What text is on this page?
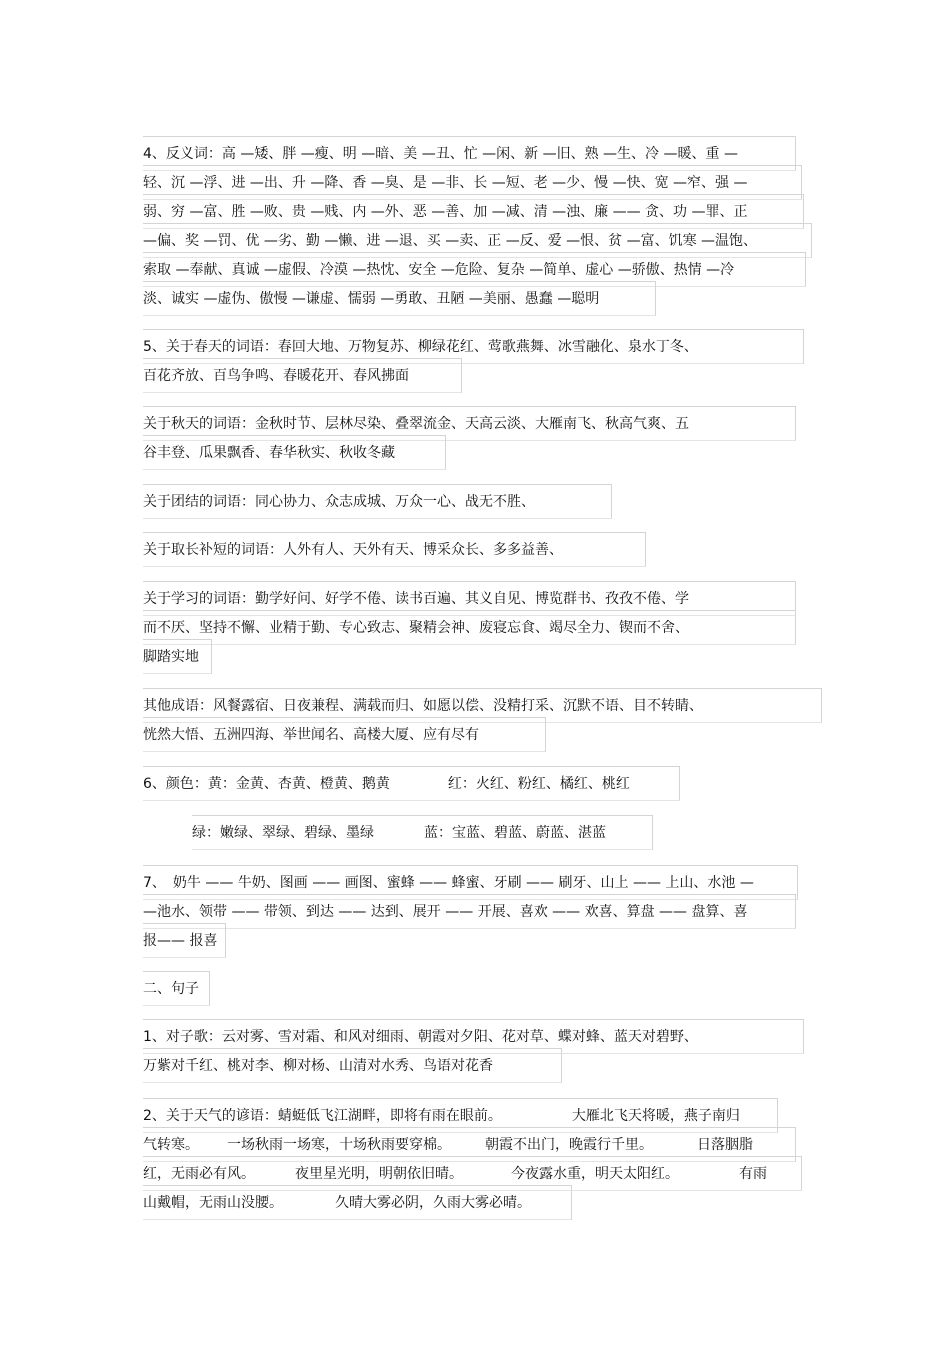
4、反义词：高 —矮、胖 —瘦、明 —暗、美 —丑、忙 —闲、新 —旧、熟 —生、冷 —暖、重 —
轻、沉 —浮、进 —出、升 —降、香 —臭、是 —非、长 —短、老 —少、慢 —快、宽 —窄、强 —
弱、穷 —富、胜 —败、贵 —贱、内 —外、恶 —善、加 —减、清 —浊、廉 —— 贪、功 —罪、正
—偏、奖 —罚、优 —劣、勤 —懒、进 —退、买 —卖、正 —反、爱 —恨、贫 —富、饥寒 —温饱、
索取 —奉献、真诚 —虚假、冷漠 —热忱、安全 —危险、复杂 —简单、虚心 —骄傲、热情 —冷
淡、诚实 —虚伪、傲慢 —谦虚、懦弱 —勇敢、丑陋 —美丽、愚蠢 —聪明
5、关于春天的词语：春回大地、万物复苏、柳绿花红、莺歌燕舞、冰雪融化、泉水丁冬、
百花齐放、百鸟争鸣、春暖花开、春风拂面
关于秋天的词语：金秋时节、层林尽染、叠翠流金、天高云淡、大雁南飞、秋高气爽、五
谷丰登、瓜果飘香、春华秋实、秋收冬藏
关于团结的词语：同心协力、众志成城、万众一心、战无不胜、
关于取长补短的词语：人外有人、天外有天、博采众长、多多益善、
关于学习的词语：勤学好问、好学不倦、读书百遍、其义自见、博览群书、孜孜不倦、学
而不厌、坚持不懈、业精于勤、专心致志、聚精会神、废寝忘食、竭尽全力、锲而不舍、
脚踏实地
其他成语：风餐露宿、日夜兼程、满载而归、如愿以偿、没精打采、沉默不语、目不转睛、
恍然大悟、五洲四海、举世闻名、高楼大厦、应有尽有
6、颜色：黄：金黄、杏黄、橙黄、鹅黄	红：火红、粉红、橘红、桃红
绿：嫩绿、翠绿、碧绿、墨绿	蓝：宝蓝、碧蓝、蔚蓝、湛蓝
7、　奶牛 —— 牛奶、图画 —— 画图、蜜蜂 —— 蜂蜜、牙刷 —— 刷牙、山上 —— 上山、水池 —
—池水、领带 —— 带领、到达 —— 达到、展开 —— 开展、喜欢 —— 欢喜、算盘 —— 盘算、喜
报—— 报喜
二、句子
1、对子歌：云对雾、雪对霜、和风对细雨、朝霞对夕阳、花对草、蝶对蜂、蓝天对碧野、
万紫对千红、桃对李、柳对杨、山清对水秀、鸟语对花香
2、关于天气的谚语：蜻蜓低飞江湖畔，即将有雨在眼前。	大雁北飞天将暖，燕子南归
气转寒。 一场秋雨一场寒，十场秋雨要穿棉。 朝霞不出门，晚霞行千里。	日落胭脂
红，无雨必有风。	夜里星光明，明朝依旧晴。	今夜露水重，明天太阳红。	有雨
山戴帽，无雨山没腰。	久晴大雾必阴，久雨大雾必晴。
